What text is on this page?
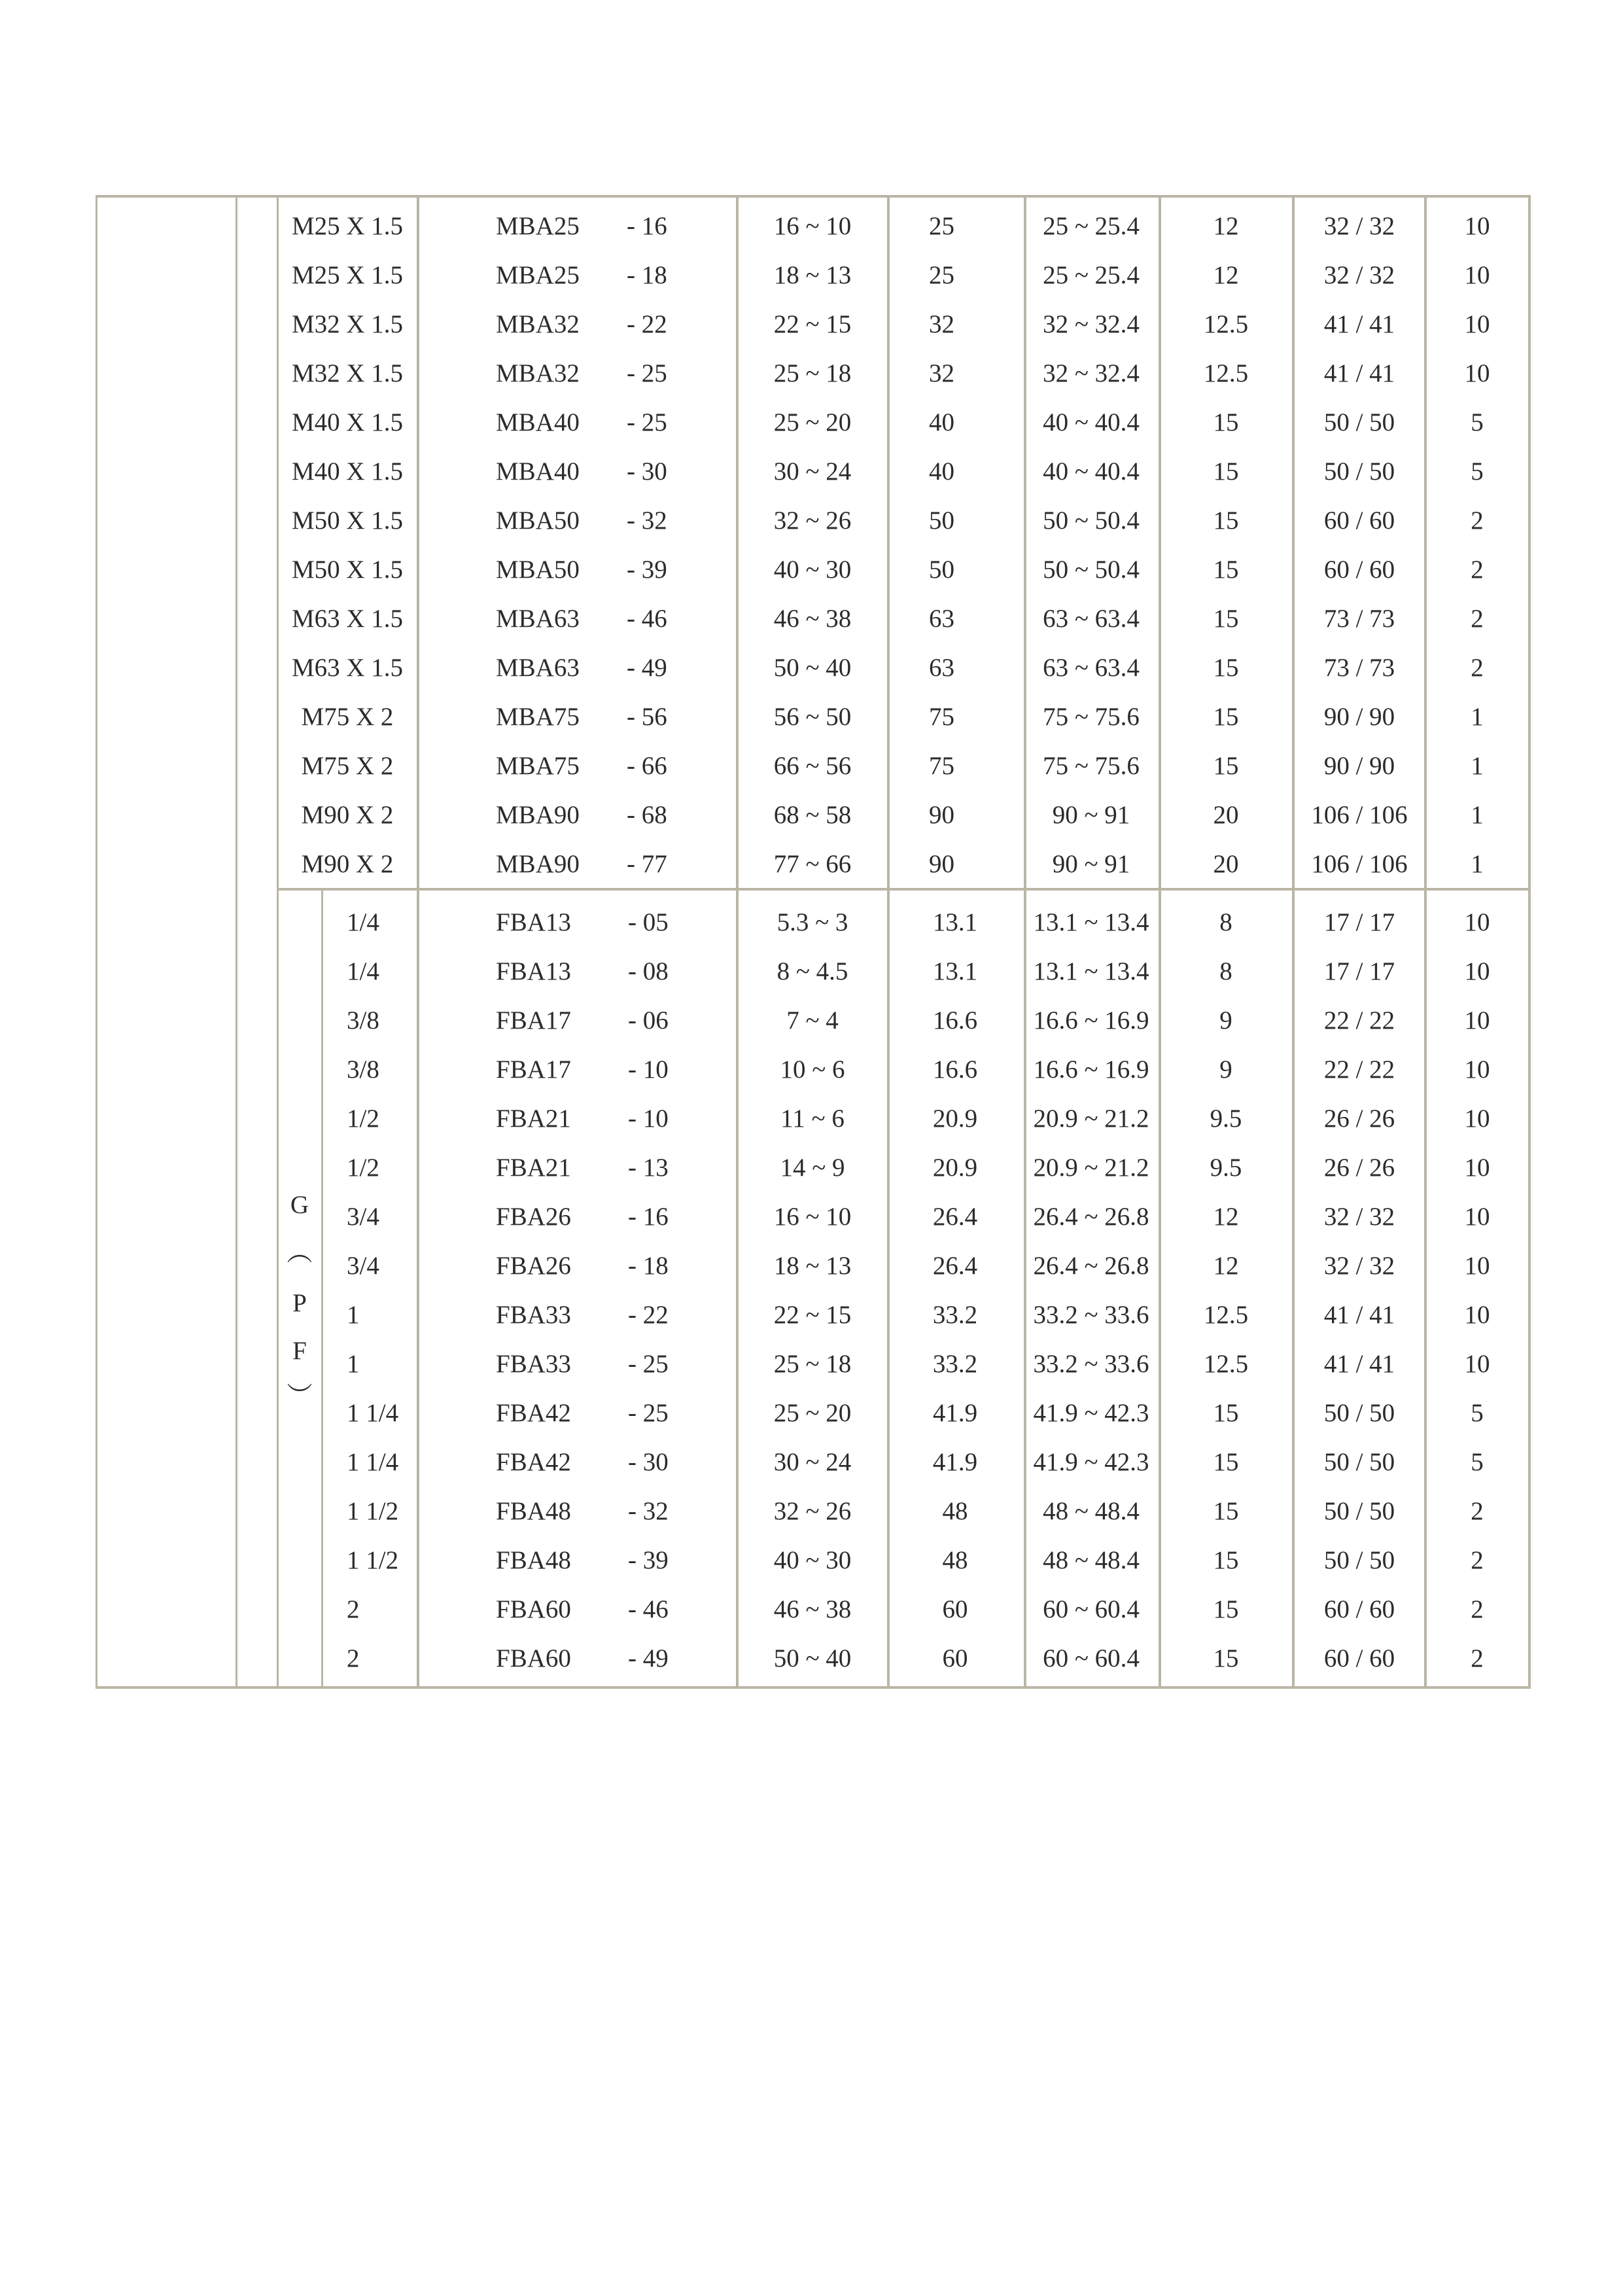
M25 X 1.5	MBA25 - 16	16 ~ 10	25	25 ~ 25.4	12	32 / 32	10
M25 X 1.5	MBA25 - 18	18 ~ 13	25	25 ~ 25.4	12	32 / 32	10
M32 X 1.5	MBA32 - 22	22 ~ 15	32	32 ~ 32.4	12.5	41 / 41	10
M32 X 1.5	MBA32 - 25	25 ~ 18	32	32 ~ 32.4	12.5	41 / 41	10
M40 X 1.5	MBA40 - 25	25 ~ 20	40	40 ~ 40.4	15	50 / 50	5
M40 X 1.5	MBA40 - 30	30 ~ 24	40	40 ~ 40.4	15	50 / 50	5
M50 X 1.5	MBA50 - 32	32 ~ 26	50	50 ~ 50.4	15	60 / 60	2
M50 X 1.5	MBA50 - 39	40 ~ 30	50	50 ~ 50.4	15	60 / 60	2
M63 X 1.5	MBA63 - 46	46 ~ 38	63	63 ~ 63.4	15	73 / 73	2
M63 X 1.5	MBA63 - 49	50 ~ 40	63	63 ~ 63.4	15	73 / 73	2
M75 X 2	MBA75 - 56	56 ~ 50	75	75 ~ 75.6	15	90 / 90	1
M75 X 2	MBA75 - 66	66 ~ 56	75	75 ~ 75.6	15	90 / 90	1
M90 X 2	MBA90 - 68	68 ~ 58	90	90 ~ 91	20	106 / 106	1
M90 X 2	MBA90 - 77	77 ~ 66	90	90 ~ 91	20	106 / 106	1
1/4	FBA13 - 05	5.3 ~ 3	13.1	13.1 ~ 13.4	8	17 / 17	10
1/4	FBA13 - 08	8 ~ 4.5	13.1	13.1 ~ 13.4	8	17 / 17	10
3/8	FBA17 - 06	7 ~ 4	16.6	16.6 ~ 16.9	9	22 / 22	10
3/8	FBA17 - 10	10 ~ 6	16.6	16.6 ~ 16.9	9	22 / 22	10
1/2	FBA21 - 10	11 ~ 6	20.9	20.9 ~ 21.2	9.5	26 / 26	10
1/2	FBA21 - 13	14 ~ 9	20.9	20.9 ~ 21.2	9.5	26 / 26	10
3/4	FBA26 - 16	16 ~ 10	26.4	26.4 ~ 26.8	12	32 / 32	10
3/4	FBA26 - 18	18 ~ 13	26.4	26.4 ~ 26.8	12	32 / 32	10
1	FBA33 - 22	22 ~ 15	33.2	33.2 ~ 33.6	12.5	41 / 41	10
1	FBA33 - 25	25 ~ 18	33.2	33.2 ~ 33.6	12.5	41 / 41	10
1 1/4	FBA42 - 25	25 ~ 20	41.9	41.9 ~ 42.3	15	50 / 50	5
1 1/4	FBA42 - 30	30 ~ 24	41.9	41.9 ~ 42.3	15	50 / 50	5
1 1/2	FBA48 - 32	32 ~ 26	48	48 ~ 48.4	15	50 / 50	2
1 1/2	FBA48 - 39	40 ~ 30	48	48 ~ 48.4	15	50 / 50	2
2	FBA60 - 46	46 ~ 38	60	60 ~ 60.4	15	60 / 60	2
2	FBA60 - 49	50 ~ 40	60	60 ~ 60.4	15	60 / 60	2
G
︵
P
F
︶
